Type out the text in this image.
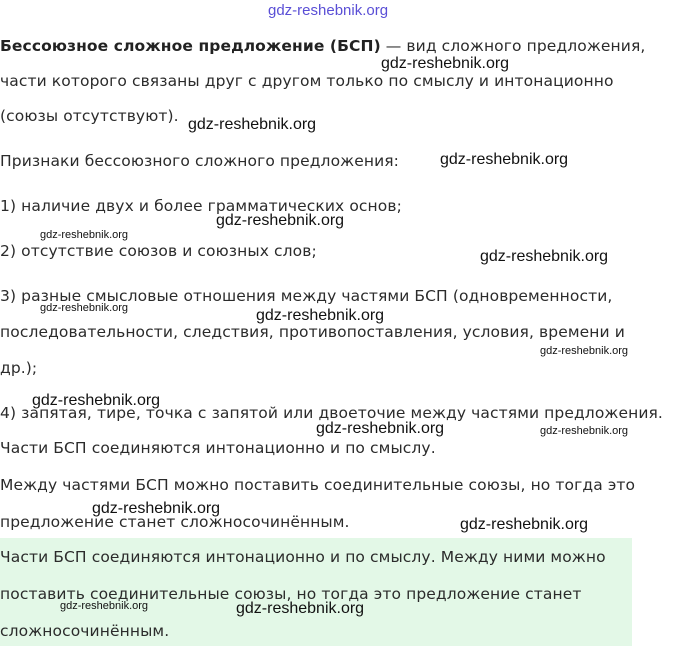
gdz-reshebnik.org
Бессоюзное сложное предложение (БСП) — вид сложного предложения,
части которого связаны друг с другом только по смыслу и интонационно
(союзы отсутствуют).
Признаки бессоюзного сложного предложения:
1) наличие двух и более грамматических основ;
2) отсутствие союзов и союзных слов;
3) разные смысловые отношения между частями БСП (одновременности,
последовательности, следствия, противопоставления, условия, времени и
др.);
4) запятая, тире, точка с запятой или двоеточие между частями предложения.
Части БСП соединяются интонационно и по смыслу.
Между частями БСП можно поставить соединительные союзы, но тогда это
предложение станет сложносочинённым.
Части БСП соединяются интонационно и по смыслу. Между ними можно
поставить соединительные союзы, но тогда это предложение станет
сложносочинённым.
gdz-reshebnik.org
gdz-reshebnik.org
gdz-reshebnik.org
gdz-reshebnik.org
gdz-reshebnik.org
gdz-reshebnik.org
gdz-reshebnik.org	gdz-reshebnik.org
gdz-reshebnik.org
gdz-reshebnik.org
gdz-reshebnik.org	gdz-reshebnik.org
gdz-reshebnik.org
gdz-reshebnik.org
gdz-reshebnik.org	gdz-reshebnik.org
